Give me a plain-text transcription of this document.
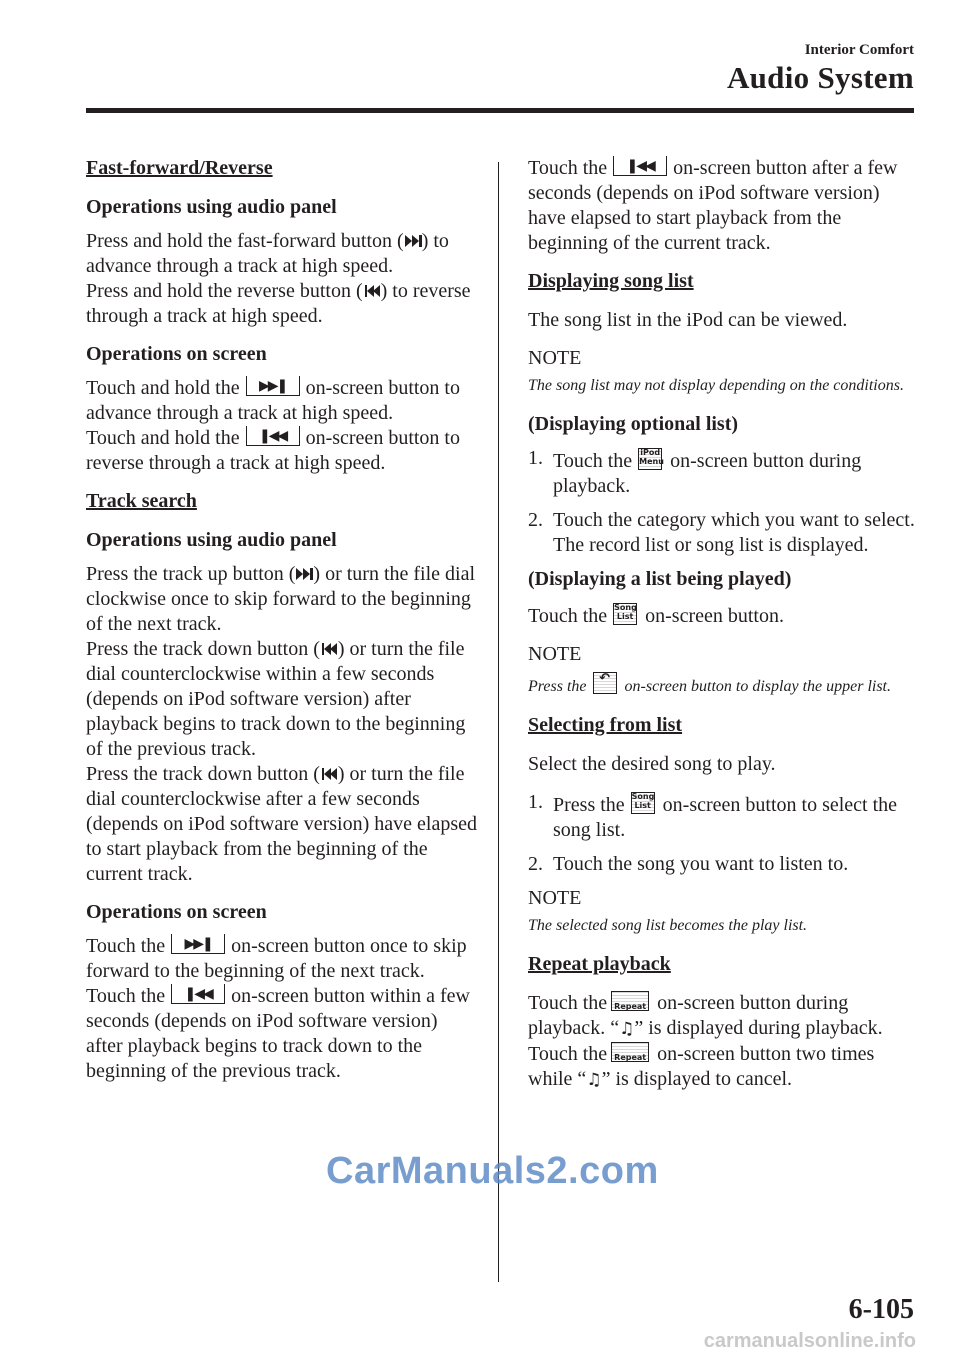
Interior Comfort
Audio System

Fast-forward/Reverse

Operations using audio panel

Press and hold the fast-forward button ( ) to advance through a track at high speed.

Press and hold the reverse button ( ) to reverse through a track at high speed.

Operations on screen

Touch and hold the ▶▶❚ on-screen button to advance through a track at high speed.

Touch and hold the ❚◀◀ on-screen button to reverse through a track at high speed.

Track search

Operations using audio panel

Press the track up button ( ) or turn the file dial clockwise once to skip forward to the beginning of the next track.

Press the track down button ( ) or turn the file dial counterclockwise within a few seconds (depends on iPod software version) after playback begins to track down to the beginning of the previous track.

Press the track down button ( ) or turn the file dial counterclockwise after a few seconds (depends on iPod software version) have elapsed to start playback from the beginning of the current track.

Operations on screen

Touch the ▶▶❚ on-screen button once to skip forward to the beginning of the next track.

Touch the ❚◀◀ on-screen button within a few seconds (depends on iPod software version) after playback begins to track down to the beginning of the previous track.

Touch the ❚◀◀ on-screen button after a few seconds (depends on iPod software version) have elapsed to start playback from the beginning of the current track.

Displaying song list

The song list in the iPod can be viewed.

NOTE

The song list may not display depending on the conditions.

(Displaying optional list)

1. Touch the iPod
Menu on-screen button during playback.
2. Touch the category which you want to select. The record list or song list is displayed.

(Displaying a list being played)

Touch the Song
List on-screen button.

NOTE

Press the ↶ on-screen button to display the upper list.

Selecting from list

Select the desired song to play.

1. Press the Song
List on-screen button to select the song list.
2. Touch the song you want to listen to.

NOTE

The selected song list becomes the play list.

Repeat playback

Touch the Repeat on-screen button during playback. “♫” is displayed during playback.

Touch the Repeat on-screen button two times while “♫” is displayed to cancel.

CarManuals2.com
6-105
carmanualsonline.info
